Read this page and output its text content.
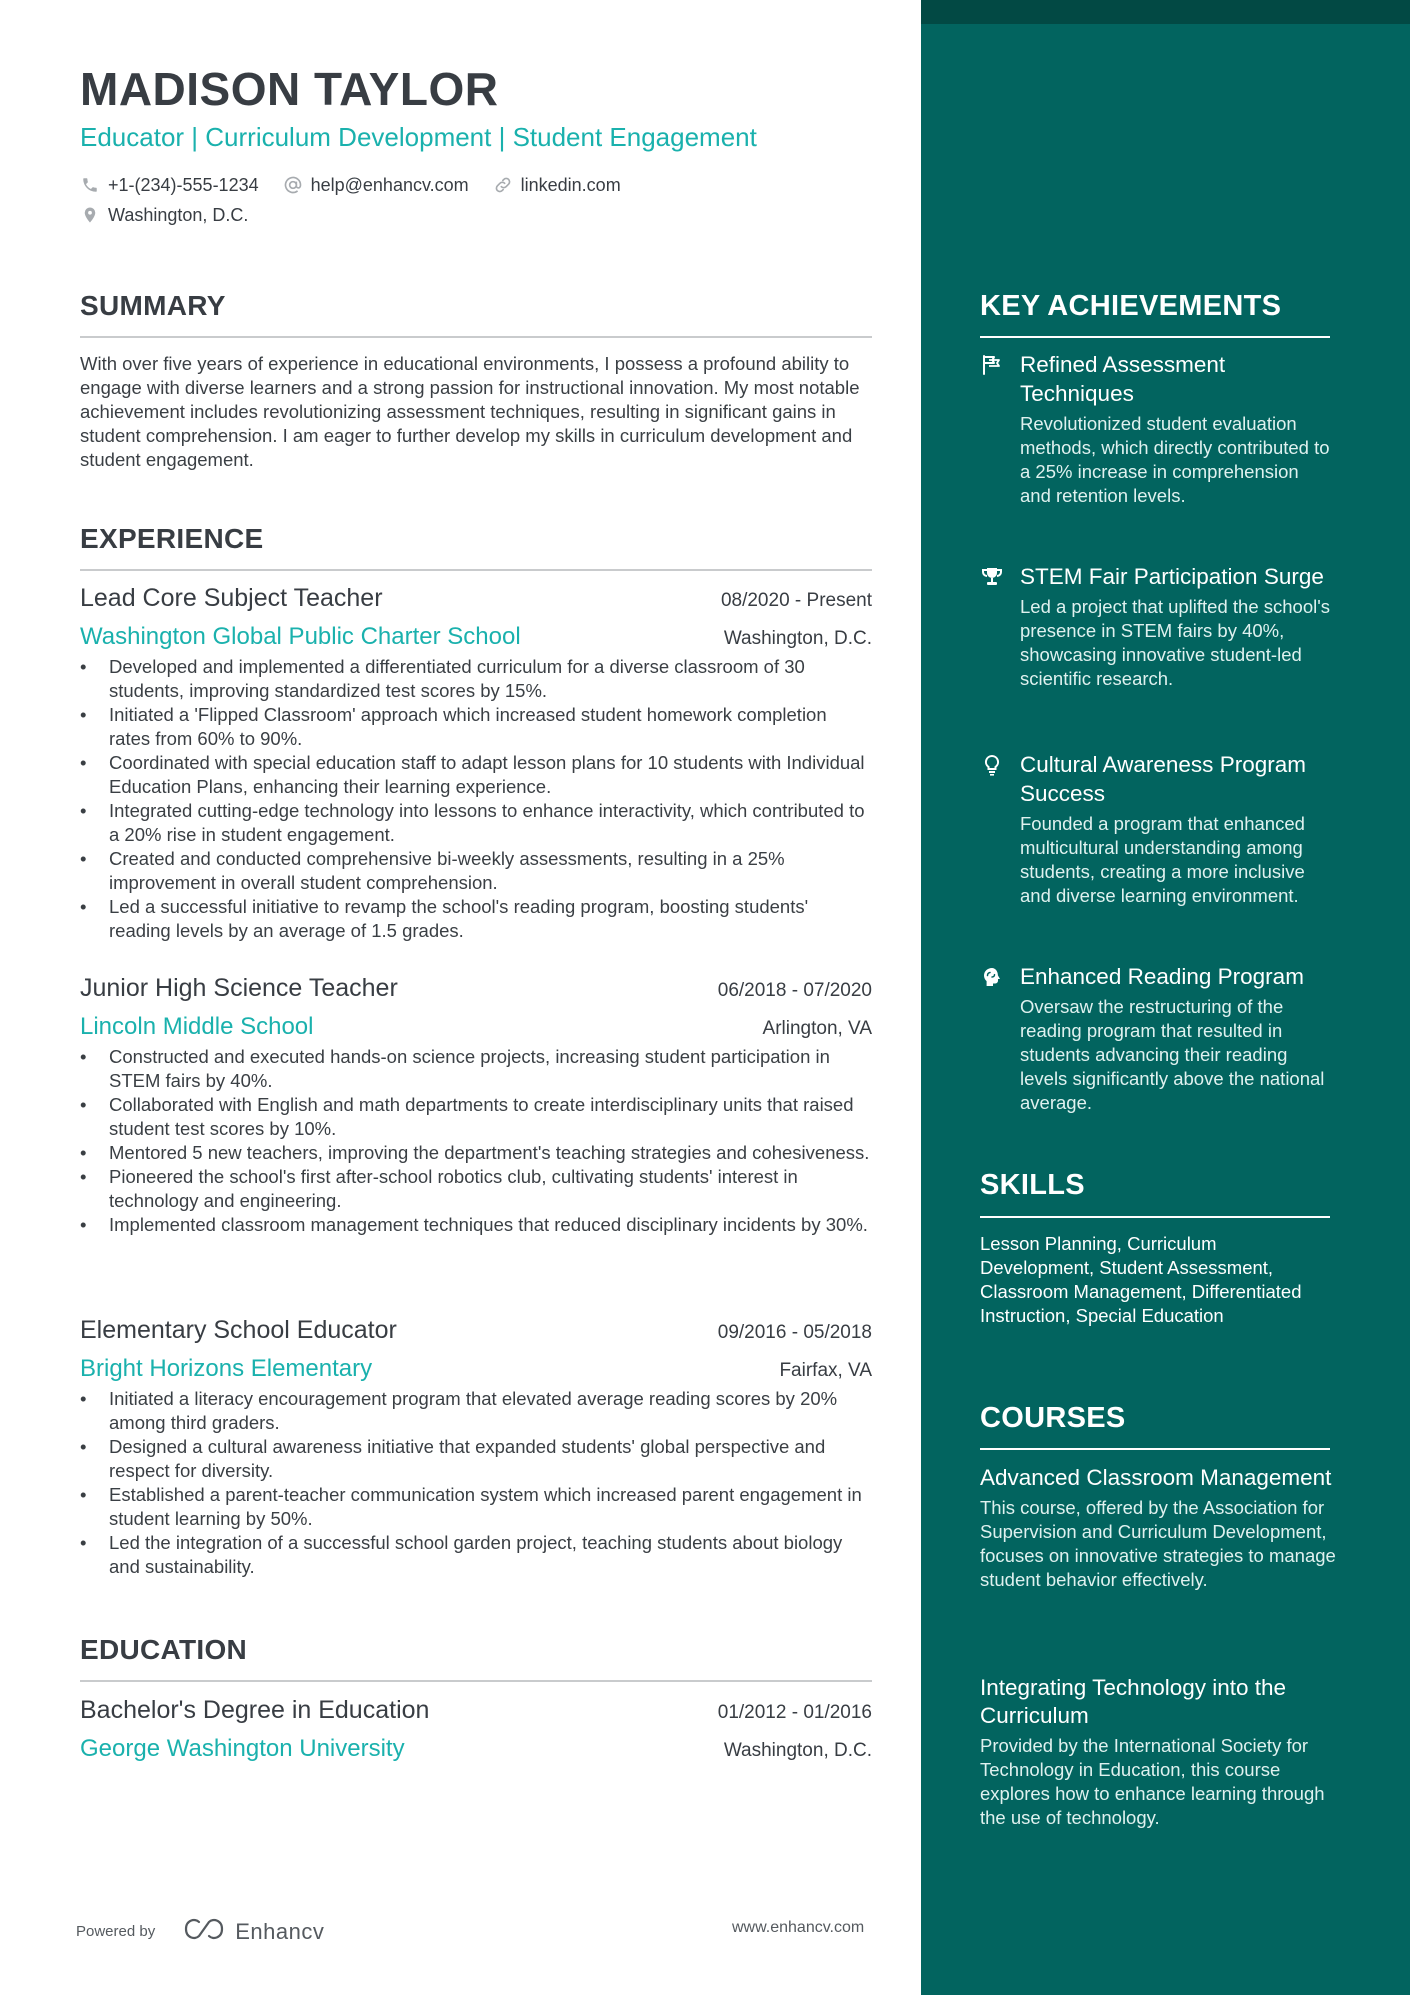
MADISON TAYLOR
Educator | Curriculum Development | Student Engagement
+1-(234)-555-1234	help@enhancv.com	linkedin.com
Washington, D.C.
SUMMARY

With over five years of experience in educational environments, I possess a profound ability to engage with diverse learners and a strong passion for instructional innovation. My most notable achievement includes revolutionizing assessment techniques, resulting in significant gains in student comprehension. I am eager to further develop my skills in curriculum development and student engagement.

EXPERIENCE
Lead Core Subject Teacher	08/2020 - Present
Washington Global Public Charter School	Washington, D.C.
• Developed and implemented a differentiated curriculum for a diverse classroom of 30 students, improving standardized test scores by 15%.
• Initiated a 'Flipped Classroom' approach which increased student homework completion rates from 60% to 90%.
• Coordinated with special education staff to adapt lesson plans for 10 students with Individual Education Plans, enhancing their learning experience.
• Integrated cutting-edge technology into lessons to enhance interactivity, which contributed to a 20% rise in student engagement.
• Created and conducted comprehensive bi-weekly assessments, resulting in a 25% improvement in overall student comprehension.
• Led a successful initiative to revamp the school's reading program, boosting students' reading levels by an average of 1.5 grades.
Junior High Science Teacher	06/2018 - 07/2020
Lincoln Middle School	Arlington, VA
• Constructed and executed hands-on science projects, increasing student participation in STEM fairs by 40%.
• Collaborated with English and math departments to create interdisciplinary units that raised student test scores by 10%.
• Mentored 5 new teachers, improving the department's teaching strategies and cohesiveness.
• Pioneered the school's first after-school robotics club, cultivating students' interest in technology and engineering.
• Implemented classroom management techniques that reduced disciplinary incidents by 30%.
Elementary School Educator	09/2016 - 05/2018
Bright Horizons Elementary	Fairfax, VA
• Initiated a literacy encouragement program that elevated average reading scores by 20% among third graders.
• Designed a cultural awareness initiative that expanded students' global perspective and respect for diversity.
• Established a parent-teacher communication system which increased parent engagement in student learning by 50%.
• Led the integration of a successful school garden project, teaching students about biology and sustainability.
EDUCATION
Bachelor's Degree in Education	01/2012 - 01/2016
George Washington University	Washington, D.C.
Powered by	Enhancv	www.enhancv.com
KEY ACHIEVEMENTS
Refined Assessment Techniques
Revolutionized student evaluation methods, which directly contributed to a 25% increase in comprehension and retention levels.
STEM Fair Participation Surge
Led a project that uplifted the school's presence in STEM fairs by 40%, showcasing innovative student-led scientific research.
Cultural Awareness Program Success
Founded a program that enhanced multicultural understanding among students, creating a more inclusive and diverse learning environment.
Enhanced Reading Program
Oversaw the restructuring of the reading program that resulted in students advancing their reading levels significantly above the national average.
SKILLS

Lesson Planning, Curriculum Development, Student Assessment, Classroom Management, Differentiated Instruction, Special Education

COURSES
Advanced Classroom Management
This course, offered by the Association for Supervision and Curriculum Development, focuses on innovative strategies to manage student behavior effectively.
Integrating Technology into the Curriculum
Provided by the International Society for Technology in Education, this course explores how to enhance learning through the use of technology.
